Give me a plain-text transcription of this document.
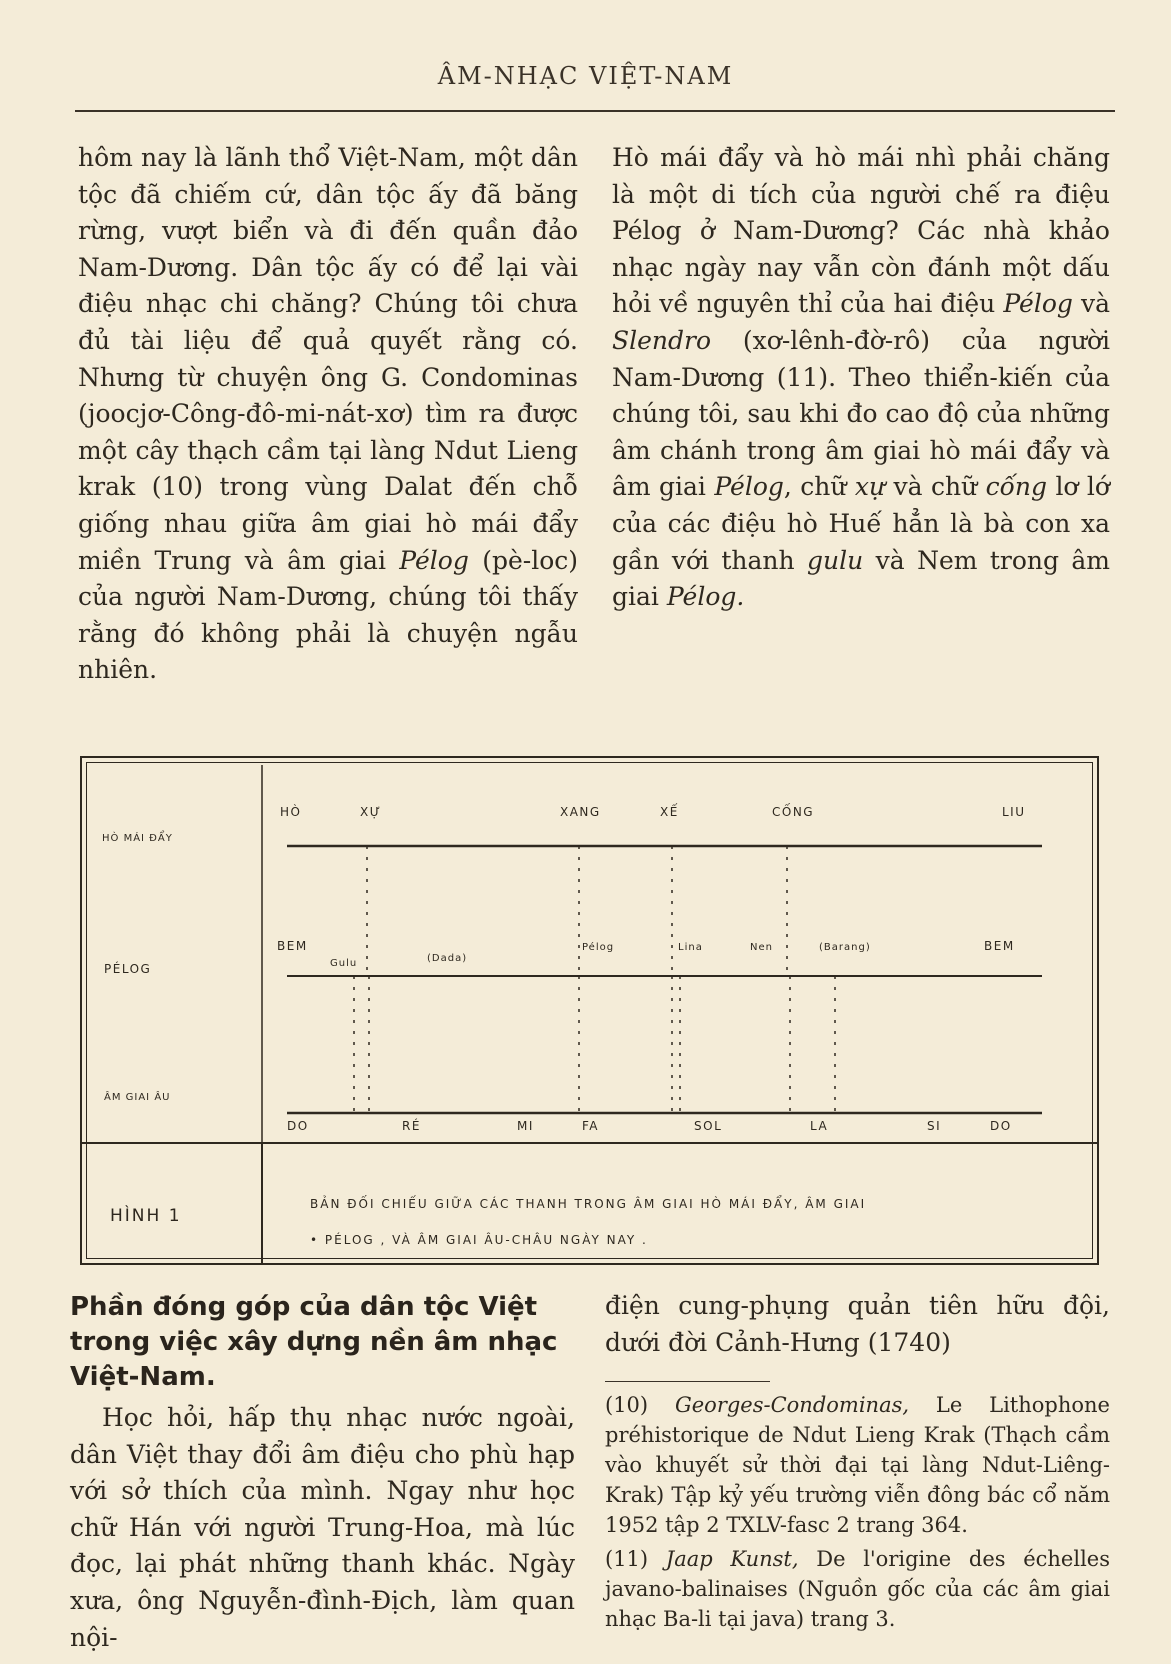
ÂM-NHẠC VIỆT-NAM

hôm nay là lãnh thổ Việt-Nam, một dân tộc đã chiếm cứ, dân tộc ấy đã băng rừng, vượt biển và đi đến quần đảo Nam-Dương. Dân tộc ấy có để lại vài điệu nhạc chi chăng? Chúng tôi chưa đủ tài liệu để quả quyết rằng có. Nhưng từ chuyện ông G. Condominas (joocjơ-Công-đô-mi-nát-xơ) tìm ra được một cây thạch cầm tại làng Ndut Lieng krak (10) trong vùng Dalat đến chỗ giống nhau giữa âm giai hò mái đẩy miền Trung và âm giai Pélog (pè-loc) của người Nam-Dương, chúng tôi thấy rằng đó không phải là chuyện ngẫu nhiên.

Hò mái đẩy và hò mái nhì phải chăng là một di tích của người chế ra điệu Pélog ở Nam-Dương? Các nhà khảo nhạc ngày nay vẫn còn đánh một dấu hỏi về nguyên thỉ của hai điệu Pélog và Slendro (xơ-lênh-đờ-rô) của người Nam-Dương (11). Theo thiển-kiến của chúng tôi, sau khi đo cao độ của những âm chánh trong âm giai hò mái đẩy và âm giai Pélog, chữ xự và chữ cống lơ lớ của các điệu hò Huế hẳn là bà con xa gần với thanh gulu và Nem trong âm giai Pélog.

HÒ MÁI ĐẨY
PÉLOG
ÂM GIAI ÂU
HÒ	XỰ	XANG	XẾ	CỐNG	LIU
BEM
Gulu	(Dada)
Pélog	Lina	Nen	(Barang)	BEM
DO	RÉ	MI	FA	SOL	LA	SI	DO
HÌNH 1
BẢN ĐỐI CHIẾU GIỮA CÁC THANH TRONG ÂM GIAI HÒ MÁI ĐẨY, ÂM GIAI
• PÉLOG , VÀ ÂM GIAI ÂU-CHÂU NGÀY NAY .
Phần đóng góp của dân tộc Việt trong việc xây dựng nền âm nhạc Việt-Nam.

Học hỏi, hấp thụ nhạc nước ngoài, dân Việt thay đổi âm điệu cho phù hạp với sở thích của mình. Ngay như học chữ Hán với người Trung-Hoa, mà lúc đọc, lại phát những thanh khác. Ngày xưa, ông Nguyễn-đình-Địch, làm quan nội-

điện cung-phụng quản tiên hữu đội, dưới đời Cảnh-Hưng (1740)

(10) Georges-Condominas, Le Lithophone préhistorique de Ndut Lieng Krak (Thạch cầm vào khuyết sử thời đại tại làng Ndut-Liêng-Krak) Tập kỷ yếu trường viễn đông bác cổ năm 1952 tập 2 TXLV-fasc 2 trang 364.

(11) Jaap Kunst, De l'origine des échelles javano-balinaises (Nguồn gốc của các âm giai nhạc Ba-li tại java) trang 3.
